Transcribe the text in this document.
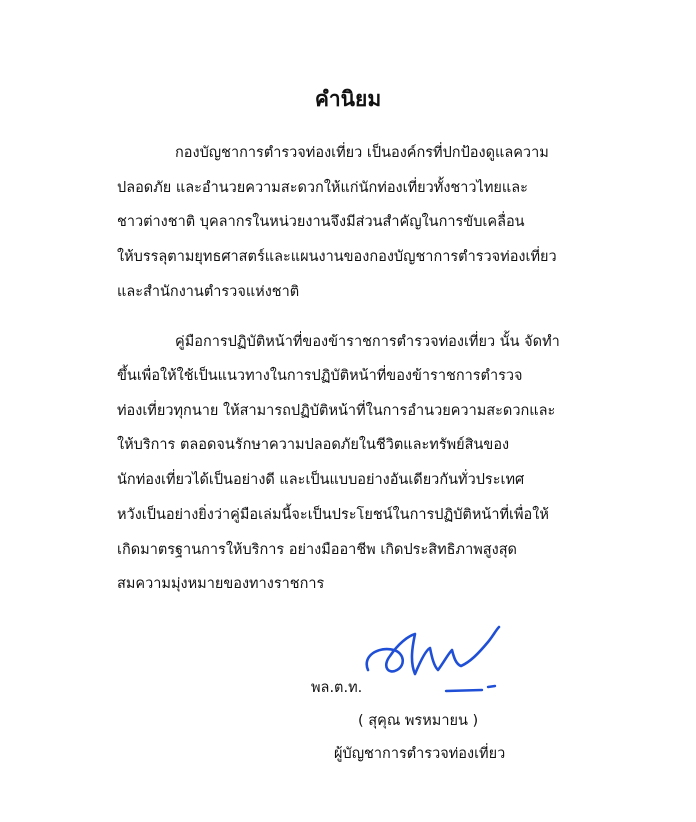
คำนิยม
กองบัญชาการตำรวจท่องเที่ยว เป็นองค์กรที่ปกป้องดูแลความ
ปลอดภัย และอำนวยความสะดวกให้แก่นักท่องเที่ยวทั้งชาวไทยและ
ชาวต่างชาติ บุคลากรในหน่วยงานจึงมีส่วนสำคัญในการขับเคลื่อน
ให้บรรลุตามยุทธศาสตร์และแผนงานของกองบัญชาการตำรวจท่องเที่ยว
และสำนักงานตำรวจแห่งชาติ
คู่มือการปฏิบัติหน้าที่ของข้าราชการตำรวจท่องเที่ยว นั้น จัดทำ
ขึ้นเพื่อให้ใช้เป็นแนวทางในการปฏิบัติหน้าที่ของข้าราชการตำรวจ
ท่องเที่ยวทุกนาย ให้สามารถปฏิบัติหน้าที่ในการอำนวยความสะดวกและ
ให้บริการ ตลอดจนรักษาความปลอดภัยในชีวิตและทรัพย์สินของ
นักท่องเที่ยวได้เป็นอย่างดี และเป็นแบบอย่างอันเดียวกันทั่วประเทศ
หวังเป็นอย่างยิ่งว่าคู่มือเล่มนี้จะเป็นประโยชน์ในการปฏิบัติหน้าที่เพื่อให้
เกิดมาตรฐานการให้บริการ อย่างมืออาชีพ เกิดประสิทธิภาพสูงสุด
สมความมุ่งหมายของทางราชการ
พล.ต.ท.
( สุคุณ พรหมายน )
ผู้บัญชาการตำรวจท่องเที่ยว
